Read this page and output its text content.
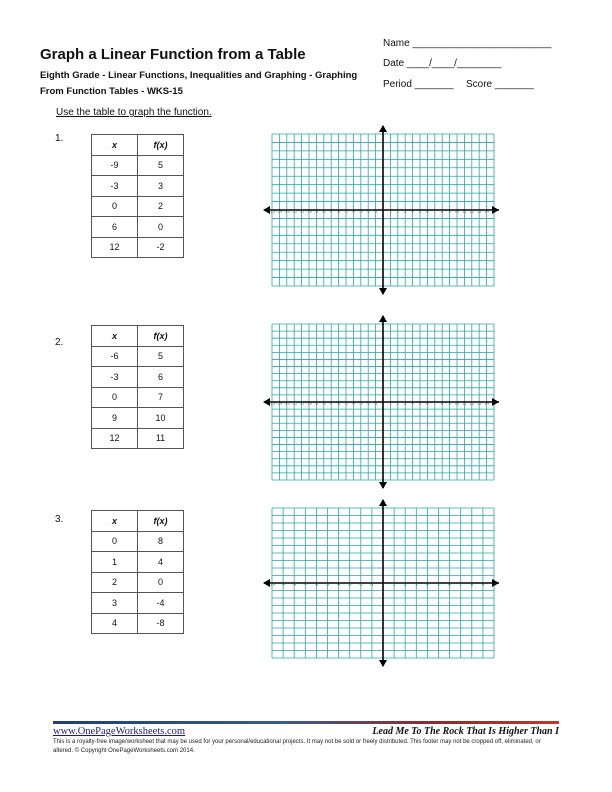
Graph a Linear Function from a Table
Eighth Grade - Linear Functions, Inequalities and Graphing - Graphing From Function Tables - WKS-15
Name _________________________
Date ____/____/________
Period _______ Score _______
Use the table to graph the function.
1.
x	f(x)
-9	5
-3	3
0	2
6	0
12	-2
-15 -14 -13 -12 -11 -10 -9 -8 -7 -6 -5 -4 -3 -2 -1	1 2 3 4 5 6 7 8 9 10 11 12 13 14 15
2.
x	f(x)
-6	5
-3	6
0	7
9	10
12	11
-15 -14 -13 -12 -11 -10 -9 -8 -7 -6 -5 -4 -3 -2 -1	1 2 3 4 5 6 7 8 9 10 11 12 13 14 15
3.	x	f(x)
0	8
1	4
2	0
3	-4
4	-8
-10 -9 -8 -7 -6 -5 -4 -3 -2 -1	1 2 3 4 5 6 7 8 9 10
www.OnePageWorksheets.com	Lead Me To The Rock That Is Higher Than I
This is a royalty-free image/worksheet that may be used for your personal/educational projects. It may not be sold or freely distributed. This footer may not be cropped off, eliminated, or altered. © Copyright OnePageWorksheets.com 2014.
